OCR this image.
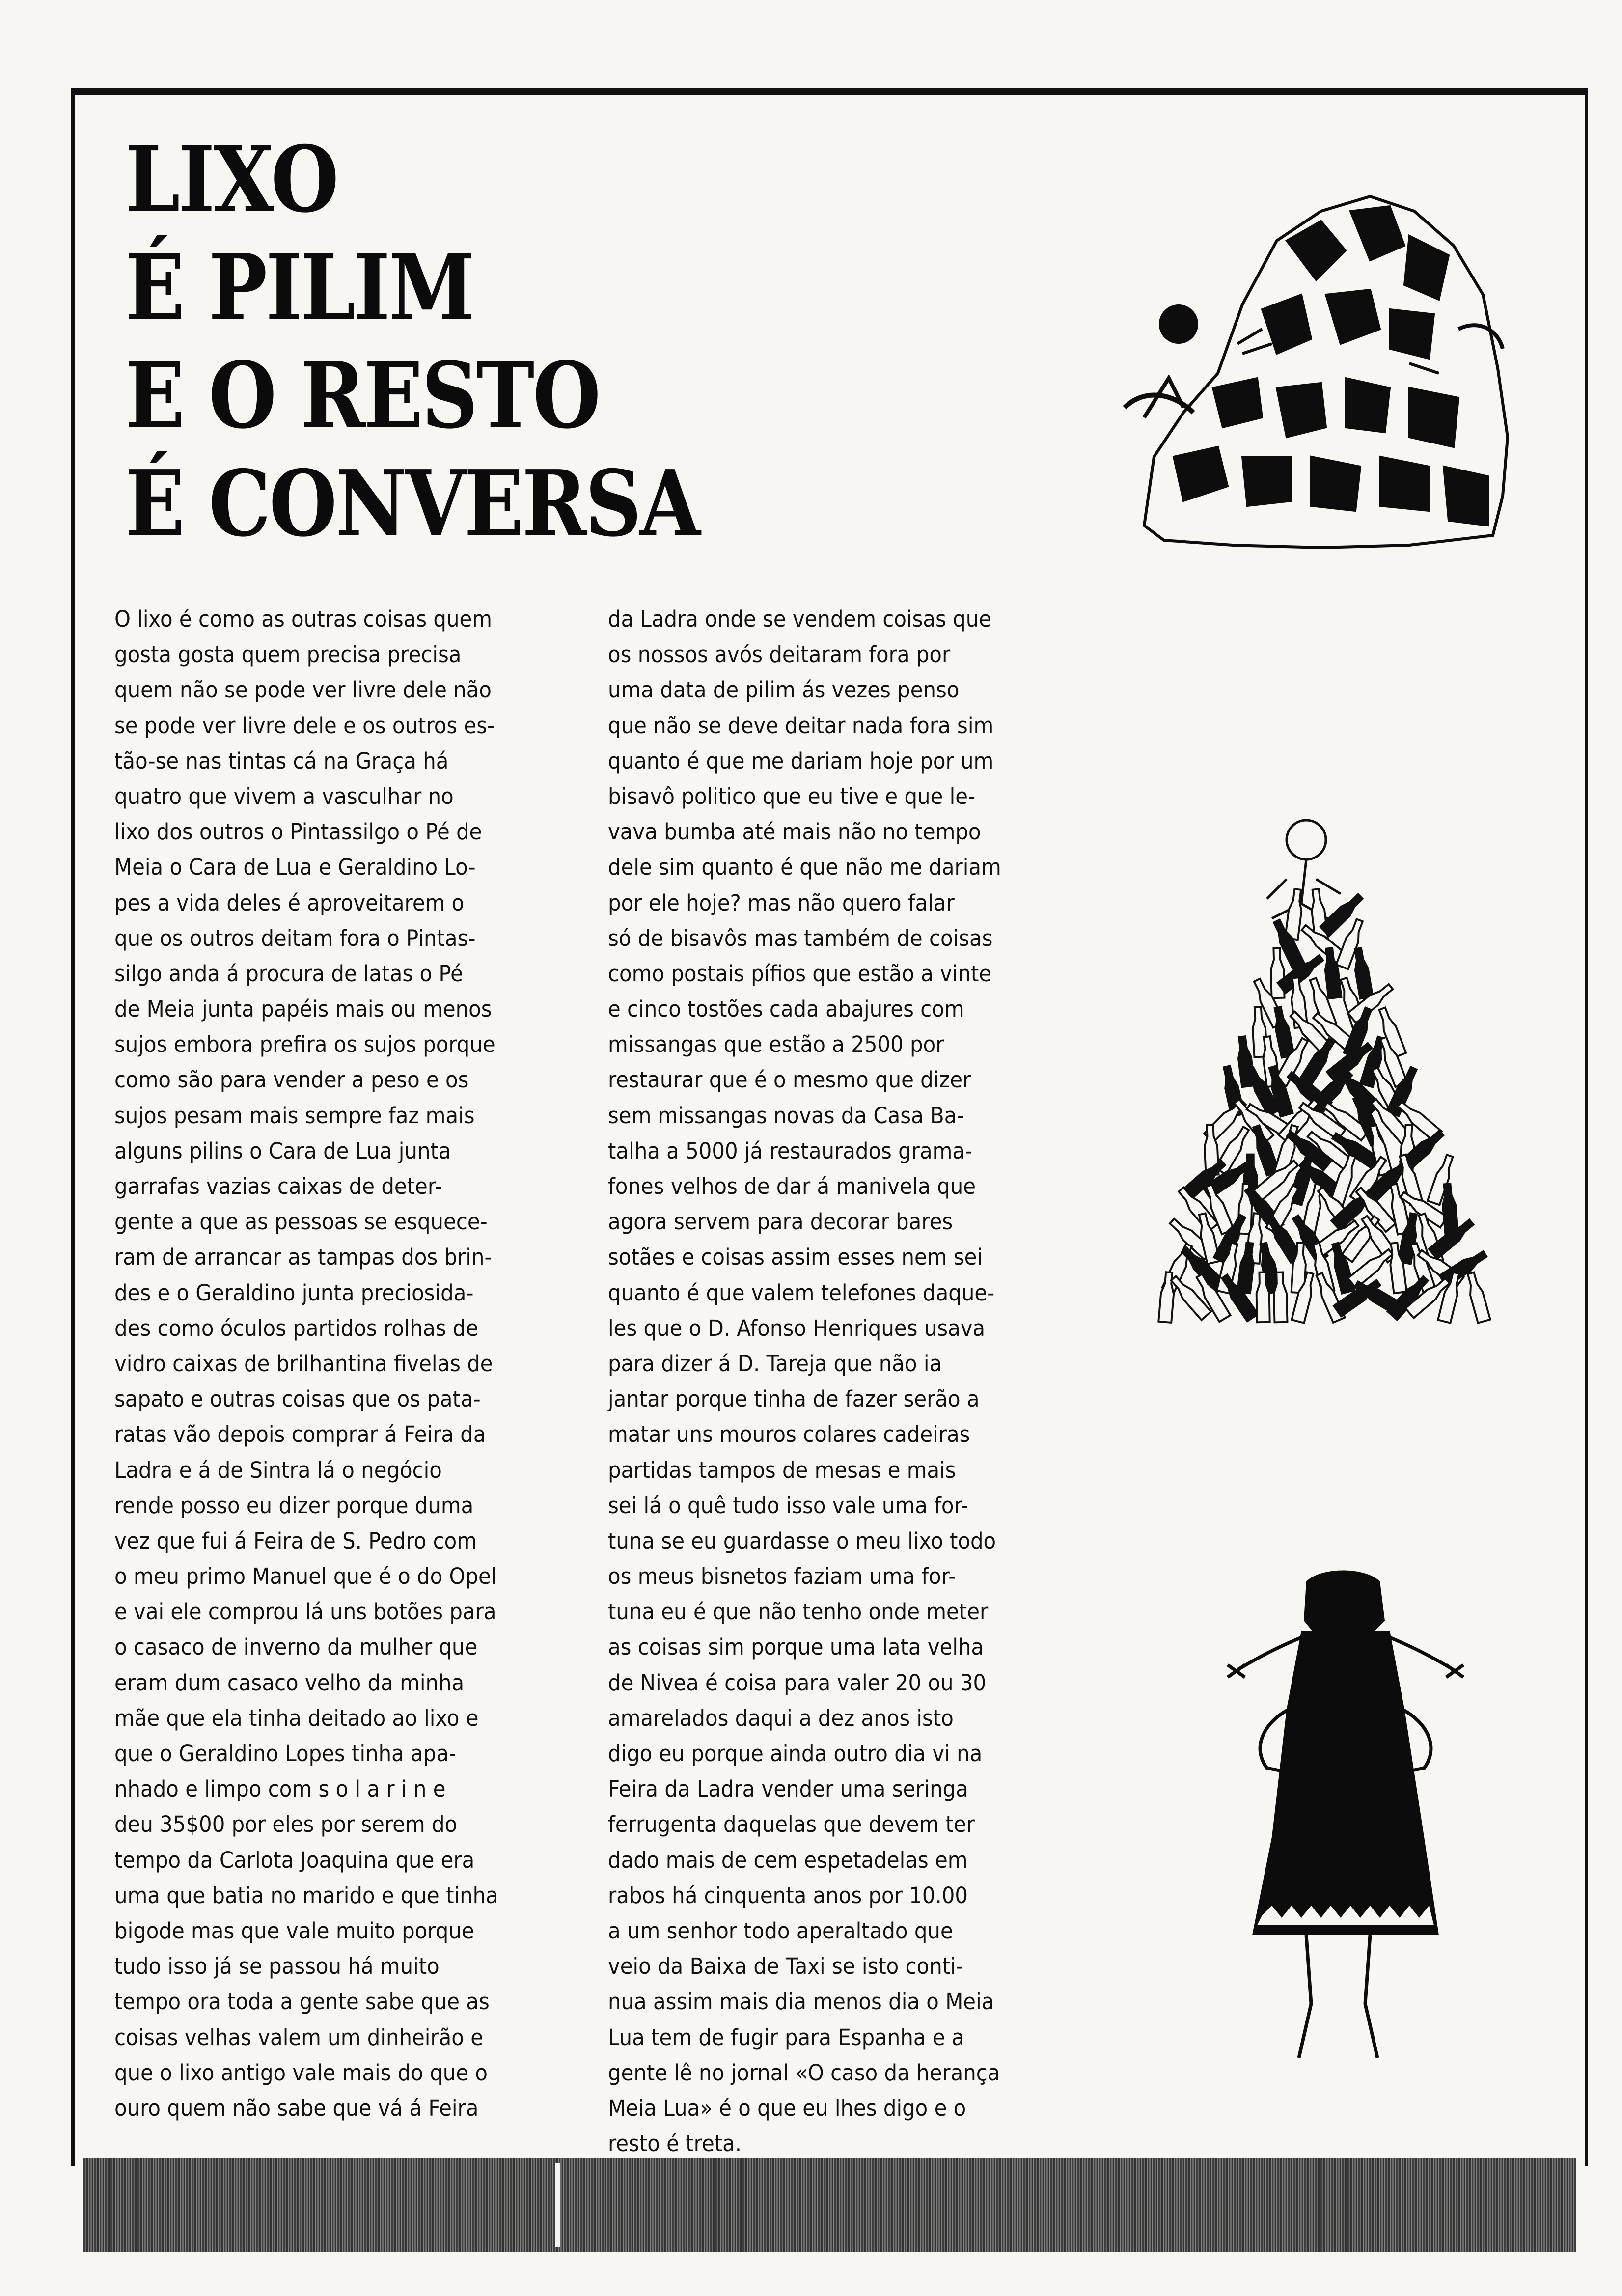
LIXO
É PILIM
E O RESTO
É CONVERSA
O lixo é como as outras coisas quem
gosta gosta quem precisa precisa
quem não se pode ver livre dele não
se pode ver livre dele e os outros es-
tão-se nas tintas cá na Graça há
quatro que vivem a vasculhar no
lixo dos outros o Pintassilgo o Pé de
Meia o Cara de Lua e Geraldino Lo-
pes a vida deles é aproveitarem o
que os outros deitam fora o Pintas-
silgo anda á procura de latas o Pé
de Meia junta papéis mais ou menos
sujos embora prefira os sujos porque
como são para vender a peso e os
sujos pesam mais sempre faz mais
alguns pilins o Cara de Lua junta
garrafas vazias caixas de deter-
gente a que as pessoas se esquece-
ram de arrancar as tampas dos brin-
des e o Geraldino junta preciosida-
des como óculos partidos rolhas de
vidro caixas de brilhantina fivelas de
sapato e outras coisas que os pata-
ratas vão depois comprar á Feira da
Ladra e á de Sintra lá o negócio
rende posso eu dizer porque duma
vez que fui á Feira de S. Pedro com
o meu primo Manuel que é o do Opel
e vai ele comprou lá uns botões para
o casaco de inverno da mulher que
eram dum casaco velho da minha
mãe que ela tinha deitado ao lixo e
que o Geraldino Lopes tinha apa-
nhado e limpo com s o l a r i n e
deu 35$00 por eles por serem do
tempo da Carlota Joaquina que era
uma que batia no marido e que tinha
bigode mas que vale muito porque
tudo isso já se passou há muito
tempo ora toda a gente sabe que as
coisas velhas valem um dinheirão e
que o lixo antigo vale mais do que o
ouro quem não sabe que vá á Feira
da Ladra onde se vendem coisas que
os nossos avós deitaram fora por
uma data de pilim ás vezes penso
que não se deve deitar nada fora sim
quanto é que me dariam hoje por um
bisavô politico que eu tive e que le-
vava bumba até mais não no tempo
dele sim quanto é que não me dariam
por ele hoje? mas não quero falar
só de bisavôs mas também de coisas
como postais pífios que estão a vinte
e cinco tostões cada abajures com
missangas que estão a 2500 por
restaurar que é o mesmo que dizer
sem missangas novas da Casa Ba-
talha a 5000 já restaurados grama-
fones velhos de dar á manivela que
agora servem para decorar bares
sotães e coisas assim esses nem sei
quanto é que valem telefones daque-
les que o D. Afonso Henriques usava
para dizer á D. Tareja que não ia
jantar porque tinha de fazer serão a
matar uns mouros colares cadeiras
partidas tampos de mesas e mais
sei lá o quê tudo isso vale uma for-
tuna se eu guardasse o meu lixo todo
os meus bisnetos faziam uma for-
tuna eu é que não tenho onde meter
as coisas sim porque uma lata velha
de Nivea é coisa para valer 20 ou 30
amarelados daqui a dez anos isto
digo eu porque ainda outro dia vi na
Feira da Ladra vender uma seringa
ferrugenta daquelas que devem ter
dado mais de cem espetadelas em
rabos há cinquenta anos por 10.00
a um senhor todo aperaltado que
veio da Baixa de Taxi se isto conti-
nua assim mais dia menos dia o Meia
Lua tem de fugir para Espanha e a
gente lê no jornal «O caso da herança
Meia Lua» é o que eu lhes digo e o
resto é treta.
